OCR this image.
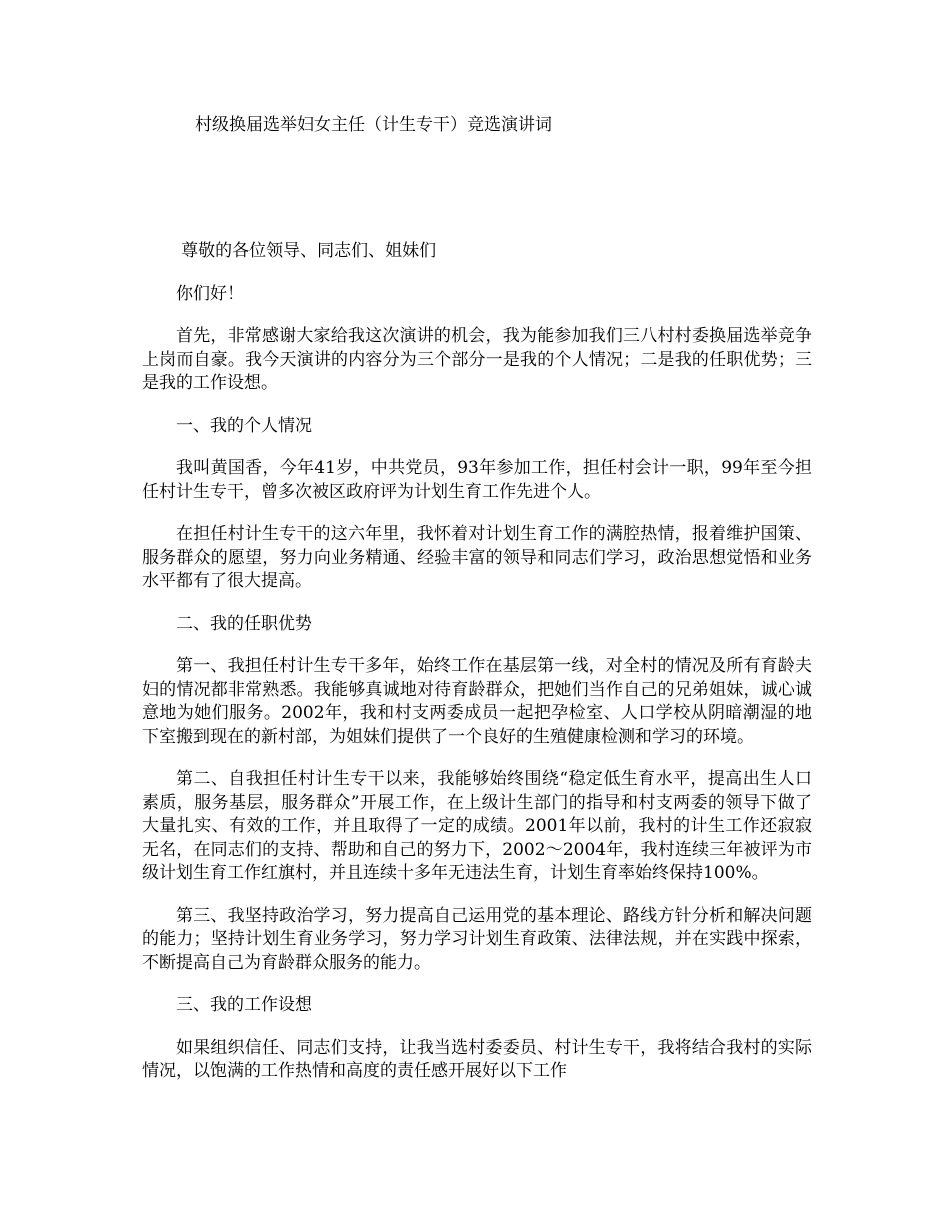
村级换届选举妇女主任（计生专干）竞选演讲词

尊敬的各位领导、同志们、姐妹们

你们好！

首先，非常感谢大家给我这次演讲的机会，我为能参加我们三八村村委换届选举竞争上岗而自豪。我今天演讲的内容分为三个部分一是我的个人情况；二是我的任职优势；三是我的工作设想。

一、我的个人情况

我叫黄国香，今年41岁，中共党员，93年参加工作，担任村会计一职，99年至今担任村计生专干，曾多次被区政府评为计划生育工作先进个人。

在担任村计生专干的这六年里，我怀着对计划生育工作的满腔热情，报着维护国策、服务群众的愿望，努力向业务精通、经验丰富的领导和同志们学习，政治思想觉悟和业务水平都有了很大提高。

二、我的任职优势

第一、我担任村计生专干多年，始终工作在基层第一线，对全村的情况及所有育龄夫妇的情况都非常熟悉。我能够真诚地对待育龄群众，把她们当作自己的兄弟姐妹，诚心诚意地为她们服务。2002年，我和村支两委成员一起把孕检室、人口学校从阴暗潮湿的地下室搬到现在的新村部，为姐妹们提供了一个良好的生殖健康检测和学习的环境。

第二、自我担任村计生专干以来，我能够始终围绕“稳定低生育水平，提高出生人口素质，服务基层，服务群众”开展工作，在上级计生部门的指导和村支两委的领导下做了大量扎实、有效的工作，并且取得了一定的成绩。2001年以前，我村的计生工作还寂寂无名，在同志们的支持、帮助和自己的努力下，2002～2004年，我村连续三年被评为市级计划生育工作红旗村，并且连续十多年无违法生育，计划生育率始终保持100%。

第三、我坚持政治学习，努力提高自己运用党的基本理论、路线方针分析和解决问题的能力；坚持计划生育业务学习，努力学习计划生育政策、法律法规，并在实践中探索，不断提高自己为育龄群众服务的能力。

三、我的工作设想

如果组织信任、同志们支持，让我当选村委委员、村计生专干，我将结合我村的实际情况，以饱满的工作热情和高度的责任感开展好以下工作
